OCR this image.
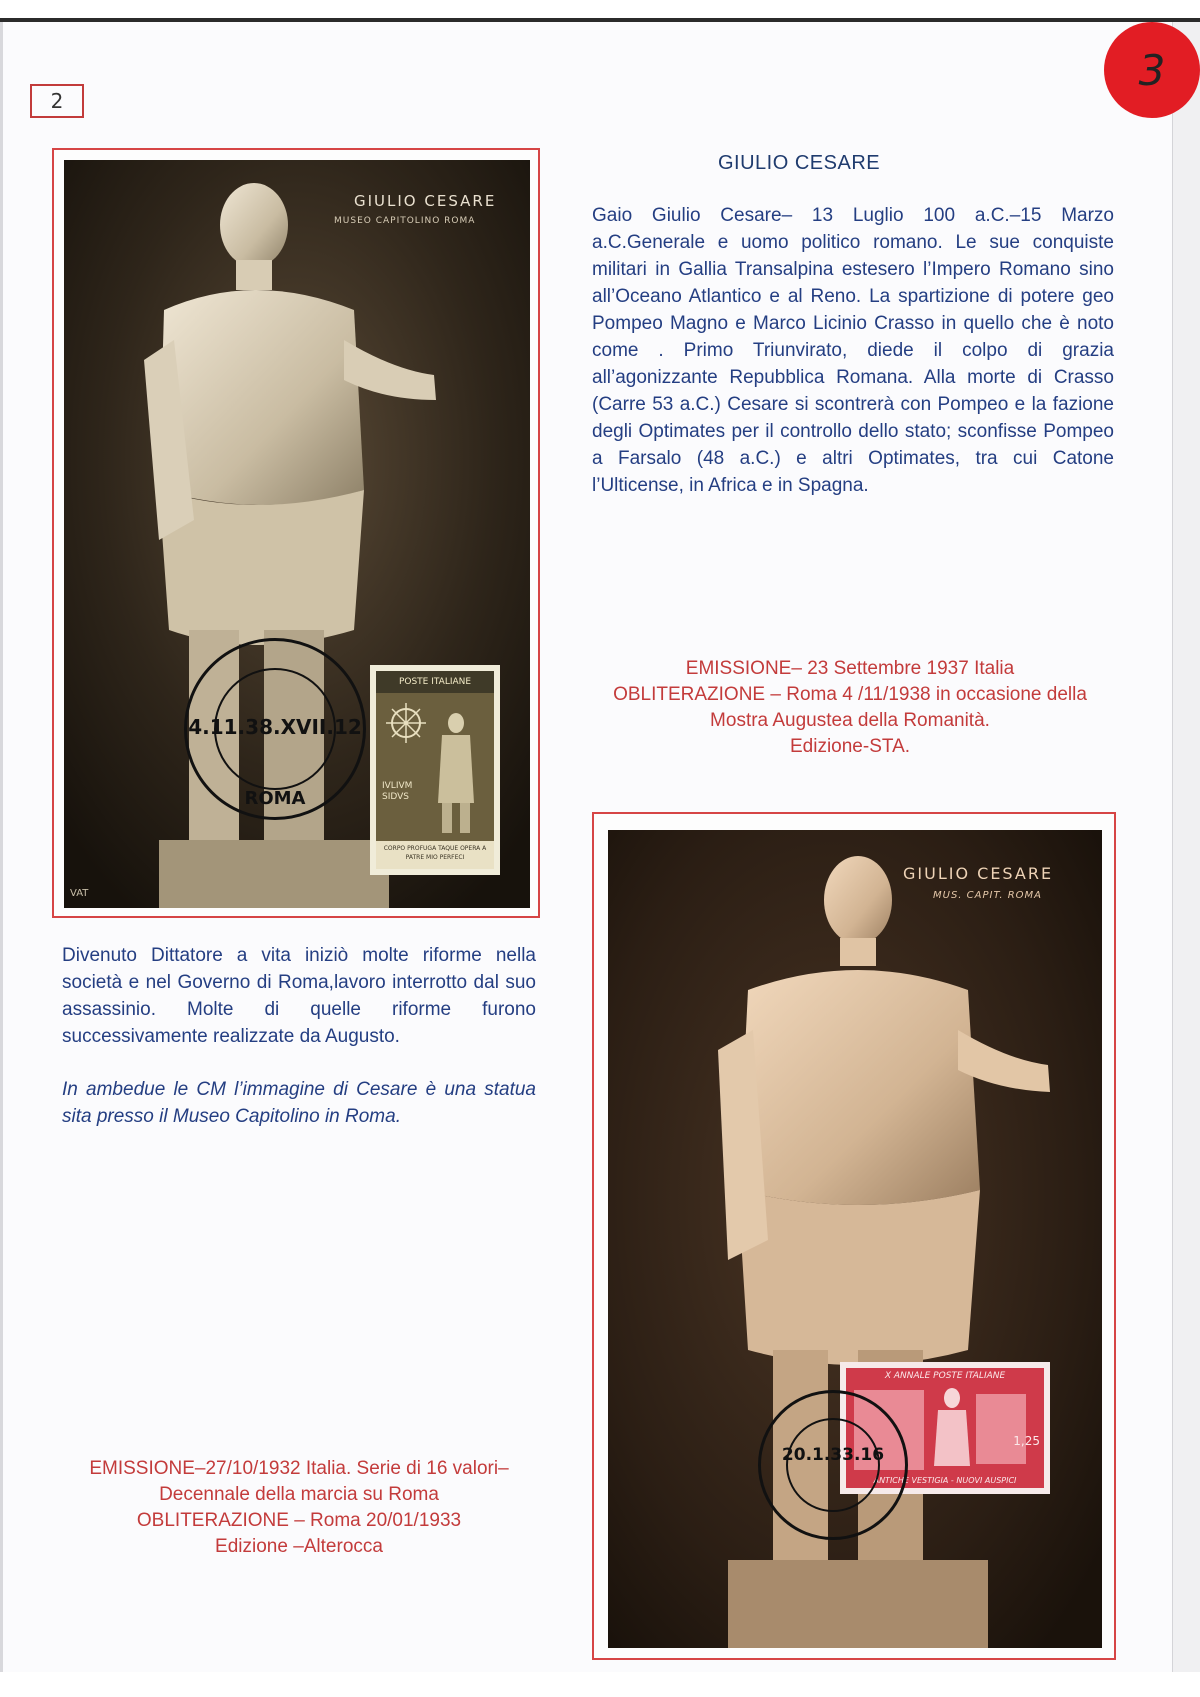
2
3
GIULIO CESARE
MUSEO CAPITOLINO ROMA
VAT
POSTE ITALIANE
IVLIVM SIDVS
CORPO PROFUGA TAQUE OPERA A PATRE MIO PERFECI
4.11.38.XVII.12
ROMA
GIULIO CESARE
Gaio Giulio Cesare– 13 Luglio 100 a.C.–15 Marzo a.C.Generale e uomo politico romano. Le sue conquiste militari in Gallia Transalpina estesero l’Impero Romano sino all’Oceano Atlantico e al Reno. La spartizione di potere geo Pompeo Magno e Marco Licinio Crasso in quello che è noto come . Primo Triunvirato, diede il colpo di grazia all’agonizzante Repubblica Romana. Alla morte di Crasso (Carre 53 a.C.) Cesare si scontrerà con Pompeo e la fazione degli Optimates per il controllo dello stato; sconfisse Pompeo a Farsalo (48 a.C.) e altri Optimates, tra cui Catone l’Ulticense, in Africa e in Spagna.
EMISSIONE– 23 Settembre 1937 Italia
OBLITERAZIONE – Roma 4 /11/1938 in occasione della Mostra Augustea della Romanità.
Edizione-STA.
GIULIO CESARE
MUS. CAPIT. ROMA
X ANNALE POSTE ITALIANE
1,25
ANTICHE VESTIGIA - NUOVI AUSPICI
20.1.33.16
Divenuto Dittatore a vita iniziò molte riforme nella società e nel Governo di Roma,lavoro interrotto dal suo assassinio. Molte di quelle riforme furono successivamente realizzate da Augusto.
In ambedue le CM l’immagine di Cesare è una statua sita presso il Museo Capitolino in Roma.
EMISSIONE–27/10/1932 Italia. Serie di 16 valori– Decennale della marcia su Roma
OBLITERAZIONE – Roma 20/01/1933
Edizione –Alterocca
